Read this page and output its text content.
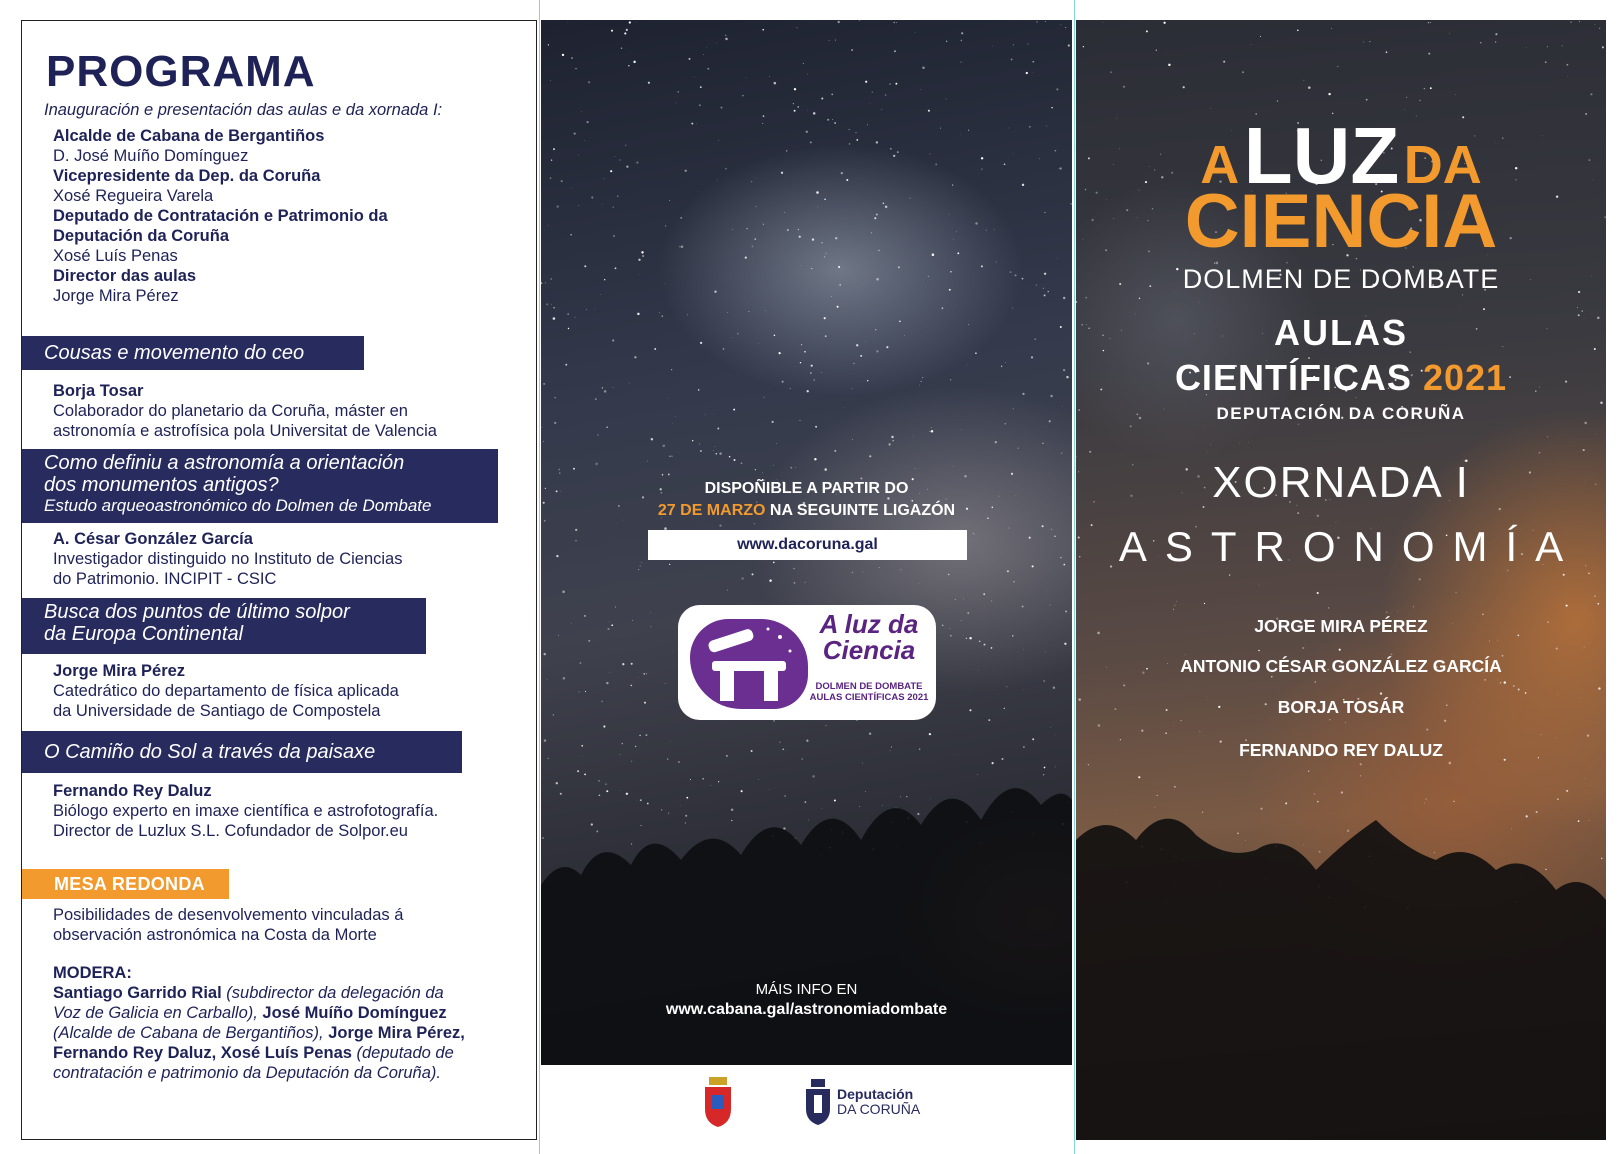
PROGRAMA
Inauguración e presentación das aulas e da xornada I:
Alcalde de Cabana de Bergantiños
D. José Muíño Domínguez
Vicepresidente da Dep. da Coruña
Xosé Regueira Varela
Deputado de Contratación e Patrimonio da
Deputación da Coruña
Xosé Luís Penas
Director das aulas
Jorge Mira Pérez
Cousas e movemento do ceo
Borja Tosar
Colaborador do planetario da Coruña, máster en
astronomía e astrofísica pola Universitat de Valencia
Como definiu a astronomía a orientación
dos monumentos antigos?
Estudo arqueoastronómico do Dolmen de Dombate
A. César González García
Investigador distinguido no Instituto de Ciencias
do Patrimonio. INCIPIT - CSIC
Busca dos puntos de último solpor
da Europa Continental
Jorge Mira Pérez
Catedrático do departamento de física aplicada
da Universidade de Santiago de Compostela
O Camiño do Sol a través da paisaxe
Fernando Rey Daluz
Biólogo experto en imaxe científica e astrofotografía.
Director de Luzlux S.L. Cofundador de Solpor.eu
MESA REDONDA
Posibilidades de desenvolvemento vinculadas á
observación astronómica na Costa da Morte
MODERA:
Santiago Garrido Rial (subdirector da delegación da
Voz de Galicia en Carballo), José Muíño Domínguez
(Alcalde de Cabana de Bergantiños), Jorge Mira Pérez,
Fernando Rey Daluz, Xosé Luís Penas (deputado de
contratación e patrimonio da Deputación da Coruña).
DISPOÑIBLE A PARTIR DO
27 DE MARZO NA SEGUINTE LIGAZÓN
www.dacoruna.gal
A luz da
Ciencia
DOLMEN DE DOMBATE
AULAS CIENTÍFICAS 2021
MÁIS INFO EN
www.cabana.gal/astronomiadombate
Deputación
DA CORUÑA
A LUZ DA
CIENCIA
DOLMEN DE DOMBATE
AULAS
CIENTÍFICAS 2021
DEPUTACIÓN DA CORUÑA
XORNADA I
ASTRONOMÍA
JORGE MIRA PÉREZ
ANTONIO CÉSAR GONZÁLEZ GARCÍA
BORJA TOSÁR
FERNANDO REY DALUZ
